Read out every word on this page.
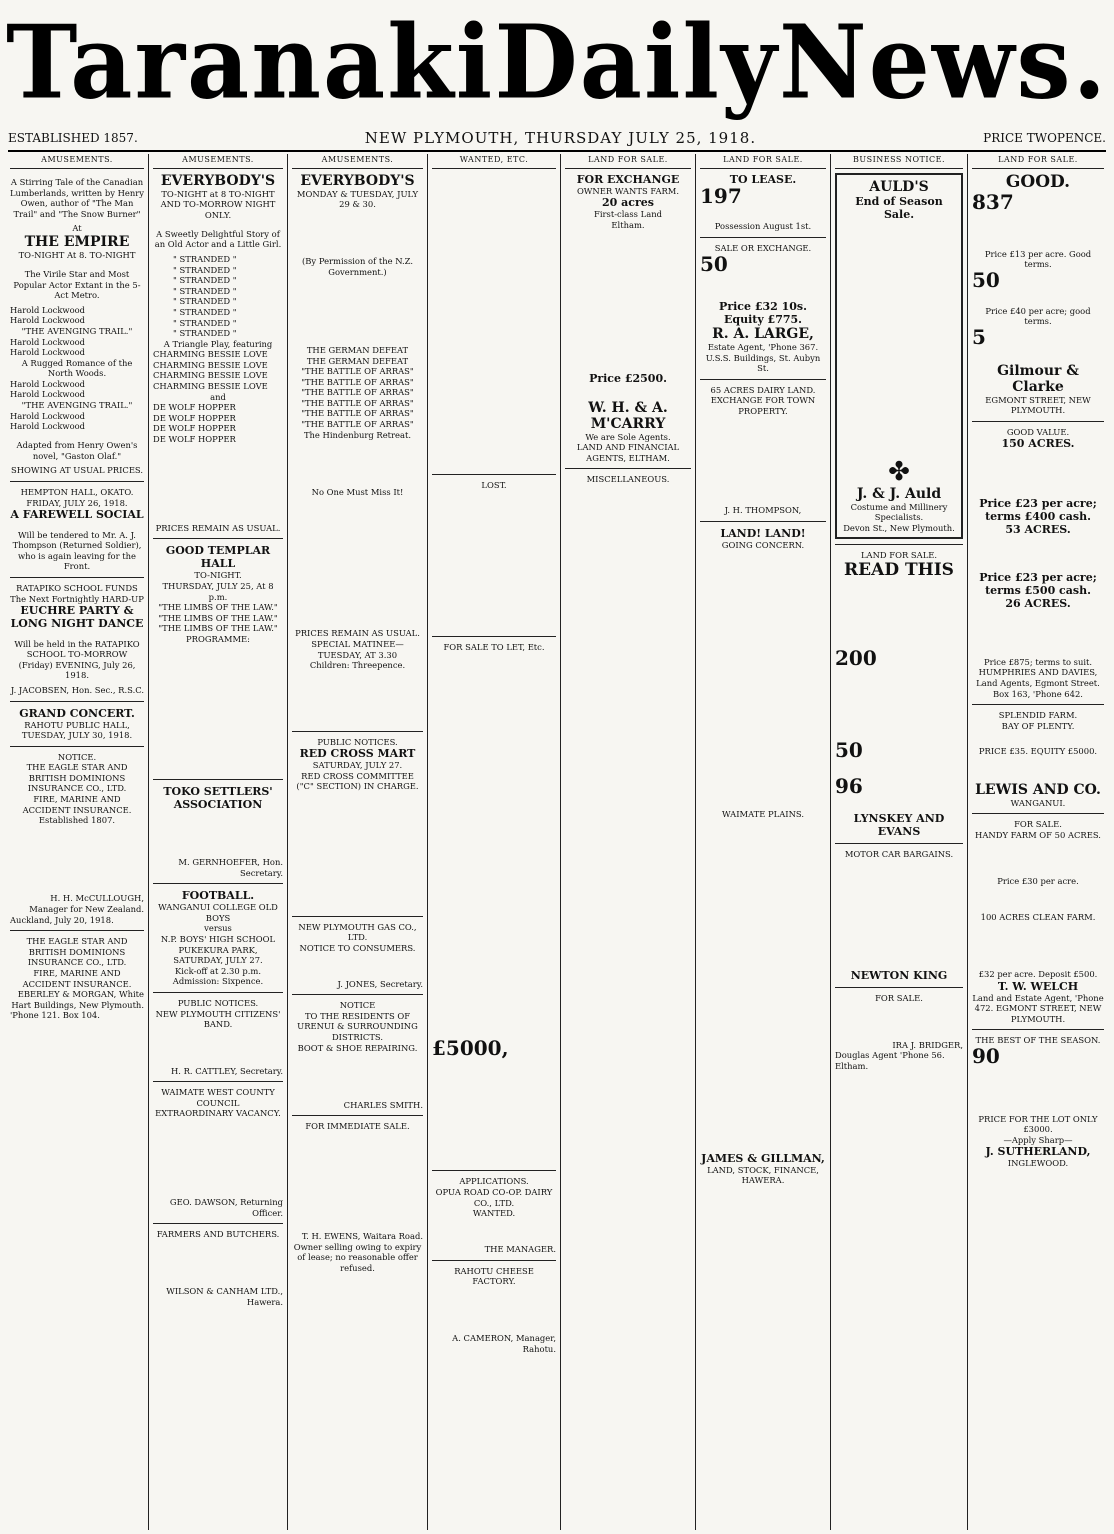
Taranaki Daily News.
ESTABLISHED 1857.	NEW PLYMOUTH, THURSDAY JULY 25, 1918.	PRICE TWOPENCE.
AMUSEMENTS.

A Stirring Tale of the Canadian Lumberlands, written by Henry Owen, author of "The Man Trail" and "The Snow Burner"

At
THE EMPIRE
TO-NIGHT At 8. TO-NIGHT

The Virile Star and Most Popular Actor Extant in the 5-Act Metro.

Harold Lockwood
Harold Lockwood
"THE AVENGING TRAIL."
Harold Lockwood
Harold Lockwood
A Rugged Romance of the North Woods.
Harold Lockwood
Harold Lockwood
"THE AVENGING TRAIL."
Harold Lockwood
Harold Lockwood

Adapted from Henry Owen's novel, "Gaston Olaf."

SHOWING AT USUAL PRICES.
HEMPTON HALL, OKATO.
FRIDAY, JULY 26, 1918.
A FAREWELL SOCIAL

Will be tendered to Mr. A. J. Thompson (Returned Soldier), who is again leaving for the Front.

RATAPIKO SCHOOL FUNDS
The Next Fortnightly HARD-UP
EUCHRE PARTY & LONG NIGHT DANCE

Will be held in the RATAPIKO SCHOOL TO-MORROW (Friday) EVENING, July 26, 1918.

J. JACOBSEN, Hon. Sec., R.S.C.
GRAND CONCERT.
RAHOTU PUBLIC HALL, TUESDAY, JULY 30, 1918.
NOTICE.
THE EAGLE STAR AND BRITISH DOMINIONS INSURANCE CO., LTD.
FIRE, MARINE AND ACCIDENT INSURANCE.
Established 1807.

H. H. McCULLOUGH, Manager for New Zealand.
Auckland, July 20, 1918.
THE EAGLE STAR AND BRITISH DOMINIONS INSURANCE CO., LTD.
FIRE, MARINE AND ACCIDENT INSURANCE.
EBERLEY & MORGAN, White Hart Buildings, New Plymouth.
'Phone 121. Box 104.
AMUSEMENTS.
EVERYBODY'S
TO-NIGHT at 8 TO-NIGHT
AND TO-MORROW NIGHT ONLY.

A Sweetly Delightful Story of an Old Actor and a Little Girl.

" STRANDED "
" STRANDED "
" STRANDED "
" STRANDED "
" STRANDED "
" STRANDED "
" STRANDED "
" STRANDED "
A Triangle Play, featuring
CHARMING BESSIE LOVE
CHARMING BESSIE LOVE
CHARMING BESSIE LOVE
CHARMING BESSIE LOVE
and
DE WOLF HOPPER
DE WOLF HOPPER
DE WOLF HOPPER
DE WOLF HOPPER

PRICES REMAIN AS USUAL.
GOOD TEMPLAR HALL
TO-NIGHT.
THURSDAY, JULY 25, At 8 p.m.
"THE LIMBS OF THE LAW."
"THE LIMBS OF THE LAW."
"THE LIMBS OF THE LAW."
PROGRAMME:

TOKO SETTLERS' ASSOCIATION

M. GERNHOEFER, Hon. Secretary.
FOOTBALL.
WANGANUI COLLEGE OLD BOYS
versus
N.P. BOYS' HIGH SCHOOL
PUKEKURA PARK,
SATURDAY, JULY 27.
Kick-off at 2.30 p.m.
Admission: Sixpence.
PUBLIC NOTICES.
NEW PLYMOUTH CITIZENS' BAND.

H. R. CATTLEY, Secretary.
WAIMATE WEST COUNTY COUNCIL
EXTRAORDINARY VACANCY.

GEO. DAWSON, Returning Officer.
FARMERS AND BUTCHERS.

WILSON & CANHAM LTD., Hawera.
AMUSEMENTS.
EVERYBODY'S
MONDAY & TUESDAY, JULY 29 & 30.

(By Permission of the N.Z. Government.)

THE GERMAN DEFEAT
THE GERMAN DEFEAT
"THE BATTLE OF ARRAS"
"THE BATTLE OF ARRAS"
"THE BATTLE OF ARRAS"
"THE BATTLE OF ARRAS"
"THE BATTLE OF ARRAS"
"THE BATTLE OF ARRAS"
The Hindenburg Retreat.

No One Must Miss It!

PRICES REMAIN AS USUAL.
SPECIAL MATINEE— TUESDAY, AT 3.30
Children: Threepence.

PUBLIC NOTICES.
RED CROSS MART
SATURDAY, JULY 27.
RED CROSS COMMITTEE ("C" SECTION) IN CHARGE.

NEW PLYMOUTH GAS CO., LTD.
NOTICE TO CONSUMERS.

J. JONES, Secretary.
NOTICE
TO THE RESIDENTS OF URENUI & SURROUNDING DISTRICTS.
BOOT & SHOE REPAIRING.

CHARLES SMITH.
FOR IMMEDIATE SALE.

T. H. EWENS, Waitara Road.
Owner selling owing to expiry of lease; no reasonable offer refused.
WANTED, ETC.

LOST.

FOR SALE TO LET, Etc.

£5000,

APPLICATIONS.
OPUA ROAD CO-OP. DAIRY CO., LTD.
WANTED.

THE MANAGER.
RAHOTU CHEESE FACTORY.

A. CAMERON, Manager, Rahotu.
LAND FOR SALE.
FOR EXCHANGE
OWNER WANTS FARM.
20 acres
First-class Land
Eltham.

Price £2500.

W. H. & A. M'CARRY
We are Sole Agents.
LAND AND FINANCIAL AGENTS, ELTHAM.
MISCELLANEOUS.

LAND FOR SALE.
TO LEASE.
197

Possession August 1st.
SALE OR EXCHANGE.
50

Price £32 10s.
Equity £775.
R. A. LARGE,
Estate Agent, 'Phone 367. U.S.S. Buildings, St. Aubyn St.
65 ACRES DAIRY LAND.
EXCHANGE FOR TOWN PROPERTY.

J. H. THOMPSON,
LAND! LAND!
GOING CONCERN.

WAIMATE PLAINS.

JAMES & GILLMAN,
LAND, STOCK, FINANCE, HAWERA.
BUSINESS NOTICE.
AULD'S
End of Season Sale.

✤
J. & J. Auld
Costume and Millinery Specialists.
Devon St., New Plymouth.
LAND FOR SALE.
READ THIS

200

50

96

LYNSKEY AND EVANS
MOTOR CAR BARGAINS.

NEWTON KING
FOR SALE.

IRA J. BRIDGER,
Douglas Agent 'Phone 56. Eltham.
LAND FOR SALE.
GOOD.
837

Price £13 per acre. Good terms.
50

Price £40 per acre; good terms.
5

Gilmour & Clarke
EGMONT STREET, NEW PLYMOUTH.
GOOD VALUE.
150 ACRES.

Price £23 per acre; terms £400 cash.
53 ACRES.

Price £23 per acre; terms £500 cash.
26 ACRES.

Price £875; terms to suit.
HUMPHRIES AND DAVIES,
Land Agents, Egmont Street. Box 163, 'Phone 642.
SPLENDID FARM.
BAY OF PLENTY.

PRICE £35. EQUITY £5000.

LEWIS AND CO.
WANGANUI.
FOR SALE.
HANDY FARM OF 50 ACRES.

Price £30 per acre.

100 ACRES CLEAN FARM.

£32 per acre. Deposit £500.
T. W. WELCH
Land and Estate Agent, 'Phone 472. EGMONT STREET, NEW PLYMOUTH.
THE BEST OF THE SEASON.
90

PRICE FOR THE LOT ONLY £3000.
—Apply Sharp—
J. SUTHERLAND,
INGLEWOOD.
